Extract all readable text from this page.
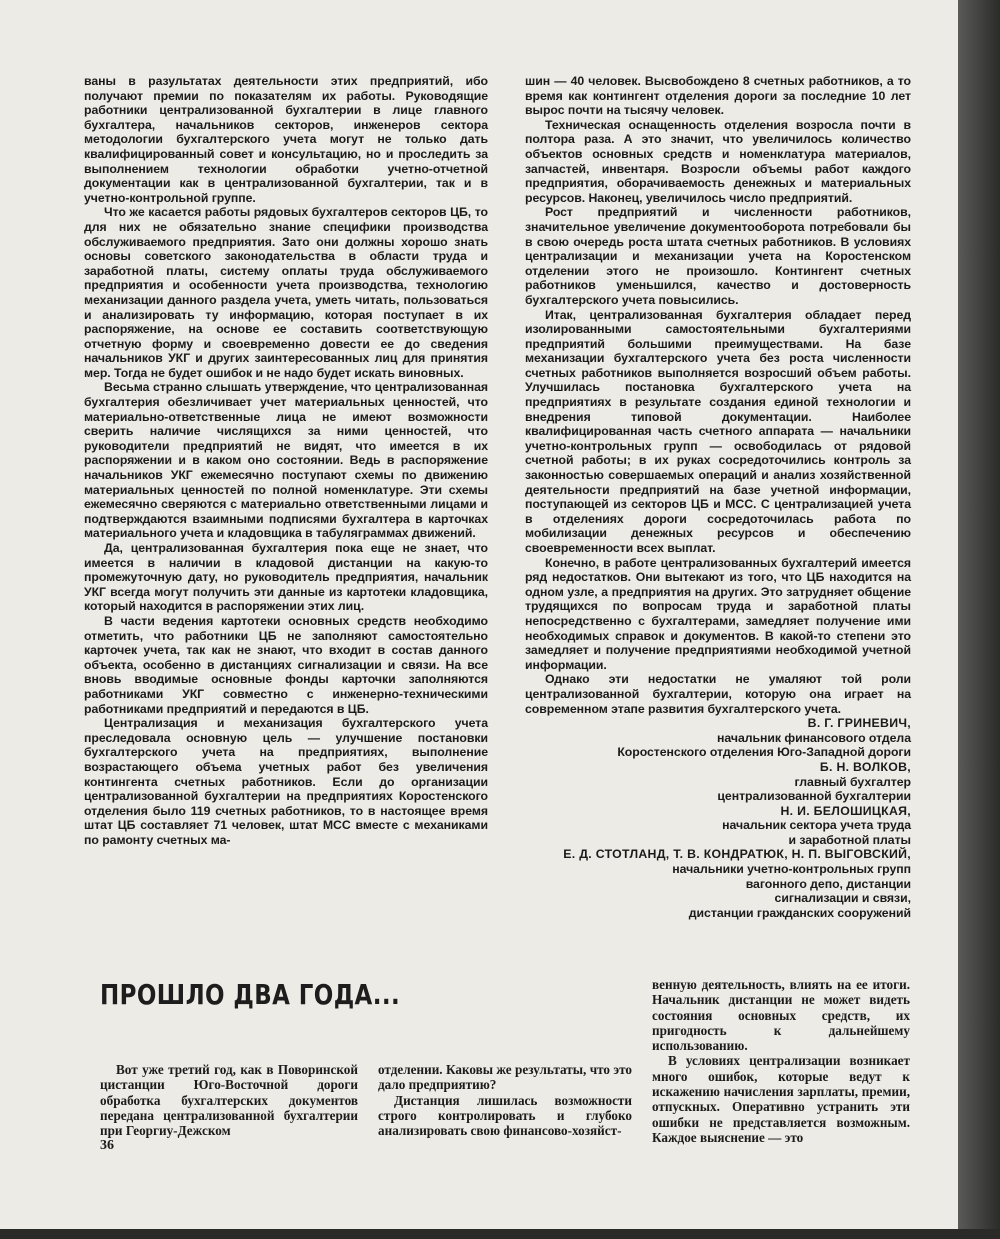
ваны в разультатах деятельности этих предприятий, ибо получают премии по показателям их работы. Руководящие работники централизованной бухгалтерии в лице главного бухгалтера, начальников секторов, инженеров сектора методологии бухгалтерского учета могут не только дать квалифицированный совет и консультацию, но и проследить за выполнением технологии обработки учетно-отчетной документации как в централизованной бухгалтерии, так и в учетно-контрольной группе.

Что же касается работы рядовых бухгалтеров секторов ЦБ, то для них не обязательно знание специфики производства обслуживаемого предприятия. Зато они должны хорошо знать основы советского законодательства в области труда и заработной платы, систему оплаты труда обслуживаемого предприятия и особенности учета производства, технологию механизации данного раздела учета, уметь читать, пользоваться и анализировать ту информацию, которая поступает в их распоряжение, на основе ее составить соответствующую отчетную форму и своевременно довести ее до сведения начальников УКГ и других заинтересованных лиц для принятия мер. Тогда не будет ошибок и не надо будет искать виновных.

Весьма странно слышать утверждение, что централизованная бухгалтерия обезличивает учет материальных ценностей, что материально-ответственные лица не имеют возможности сверить наличие числящихся за ними ценностей, что руководители предприятий не видят, что имеется в их распоряжении и в каком оно состоянии. Ведь в распоряжение начальников УКГ ежемесячно поступают схемы по движению материальных ценностей по полной номенклатуре. Эти схемы ежемесячно сверяются с материально ответственными лицами и подтверждаются взаимными подписями бухгалтера в карточках материального учета и кладовщика в табуляграммах движений.

Да, централизованная бухгалтерия пока еще не знает, что имеется в наличии в кладовой дистанции на какую-то промежуточную дату, но руководитель предприятия, начальник УКГ всегда могут получить эти данные из картотеки кладовщика, который находится в распоряжении этих лиц.

В части ведения картотеки основных средств необходимо отметить, что работники ЦБ не заполняют самостоятельно карточек учета, так как не знают, что входит в состав данного объекта, особенно в дистанциях сигнализации и связи. На все вновь вводимые основные фонды карточки заполняются работниками УКГ совместно с инженерно-техническими работниками предприятий и передаются в ЦБ.

Централизация и механизация бухгалтерского учета преследовала основную цель — улучшение постановки бухгалтерского учета на предприятиях, выполнение возрастающего объема учетных работ без увеличения контингента счетных работников. Если до организации централизованной бухгалтерии на предприятиях Коростенского отделения было 119 счетных работников, то в настоящее время штат ЦБ составляет 71 человек, штат МСС вместе с механиками по рамонту счетных ма-

шин — 40 человек. Высвобождено 8 счетных работников, а то время как контингент отделения дороги за последние 10 лет вырос почти на тысячу человек.

Техническая оснащенность отделения возросла почти в полтора раза. А это значит, что увеличилось количество объектов основных средств и номенклатура материалов, запчастей, инвентаря. Возросли объемы работ каждого предприятия, оборачиваемость денежных и материальных ресурсов. Наконец, увеличилось число предприятий.

Рост предприятий и численности работников, значительное увеличение документооборота потребовали бы в свою очередь роста штата счетных работников. В условиях централизации и механизации учета на Коростенском отделении этого не произошло. Контингент счетных работников уменьшился, качество и достоверность бухгалтерского учета повысились.

Итак, централизованная бухгалтерия обладает перед изолированными самостоятельными бухгалтериями предприятий большими преимуществами. На базе механизации бухгалтерского учета без роста численности счетных работников выполняется возросший объем работы. Улучшилась постановка бухгалтерского учета на предприятиях в результате создания единой технологии и внедрения типовой документации. Наиболее квалифицированная часть счетного аппарата — начальники учетно-контрольных групп — освободилась от рядовой счетной работы; в их руках сосредоточились контроль за законностью совершаемых операций и анализ хозяйственной деятельности предприятий на базе учетной информации, поступающей из секторов ЦБ и МСС. С централизацией учета в отделениях дороги сосредоточилась работа по мобилизации денежных ресурсов и обеспечению своевременности всех выплат.

Конечно, в работе централизованных бухгалтерий имеется ряд недостатков. Они вытекают из того, что ЦБ находится на одном узле, а предприятия на других. Это затрудняет общение трудящихся по вопросам труда и заработной платы непосредственно с бухгалтерами, замедляет получение ими необходимых справок и документов. В какой-то степени это замедляет и получение предприятиями необходимой учетной информации.

Однако эти недостатки не умаляют той роли централизованной бухгалтерии, которую она играет на современном этапе развития бухгалтерского учета.

В. Г. ГРИНЕВИЧ,
начальник финансового отдела
Коростенского отделения Юго-Западной дороги
Б. Н. ВОЛКОВ,
главный бухгалтер
централизованной бухгалтерии
Н. И. БЕЛОШИЦКАЯ,
начальник сектора учета труда
и заработной платы
Е. Д. СТОТЛАНД, Т. В. КОНДРАТЮК, Н. П. ВЫГОВСКИЙ,
начальники учетно-контрольных групп
вагонного депо, дистанции
сигнализации и связи,
дистанции гражданских сооружений
ПРОШЛО ДВА ГОДА...

Вот уже третий год, как в Поворинской цистанции Юго-Восточной дороги обработка бухгалтерских документов передана централизованной бухгалтерии при Георгиу-Дежском

отделении. Каковы же результаты, что это дало предприятию?

Дистанция лишилась возможности строго контролировать и глубоко анализировать свою финансово-хозяйст-

венную деятельность, влиять на ее итоги. Начальник дистанции не может видеть состояния основных средств, их пригодность к дальнейшему использованию.

В условиях централизации возникает много ошибок, которые ведут к искажению начисления зарплаты, премии, отпускных. Оперативно устранить эти ошибки не представляется возможным. Каждое выяснение — это

36
